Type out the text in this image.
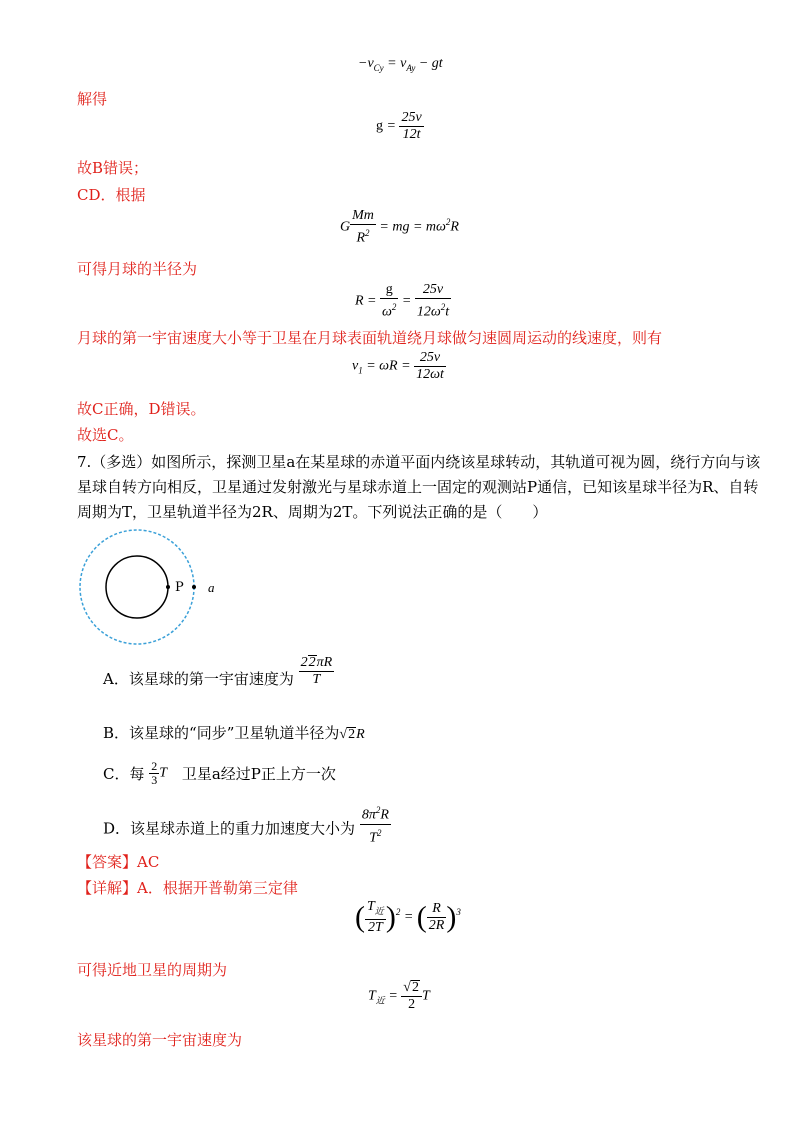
$-v_{Cy} = v_{Ay}$ − gt
解得
$g = \frac{25v}{12t}$
故B错误；
CD．根据
G $\frac{Mm}{R^2}$ = mg = $m\omega^2R$
可得月球的半径为
$R = \frac{g}{\omega^2} = \frac{25v}{12\omega^2t}$
月球的第一宇宙速度大小等于卫星在月球表面轨道绕月球做匀速圆周运动的线速度，则有
$v_1 = \omega R = \frac{25v}{12\omega t}$
故C正确，D错误。
故选C。
7.（多选）如图所示，探测卫星a在某星球的赤道平面内绕该星球转动，其轨道可视为圆，绕行方向与该
星球自转方向相反，卫星通过发射激光与星球赤道上一固定的观测站P通信，已知该星球半径为R、自转
周期为T，卫星轨道半径为2R、周期为2T。下列说法正确的是（　　）
P a
A．该星球的第一宇宙速度为 $\frac{22\pi R}{T}$
B．该星球的“同步”卫星轨道半径为√2R
C．每 $\frac{2}{3}$ T 卫星a经过P正上方一次
D．该星球赤道上的重力加速度大小为 $\frac{8\pi^2R}{T^2}$
【答案】AC
【详解】A．根据开普勒第三定律
( $\frac{T_近}{2T} )^2$ = ( $\frac{R}{2R} )^3$
可得近地卫星的周期为
$T_近 = \frac{√2}{2}$ T
该星球的第一宇宙速度为
